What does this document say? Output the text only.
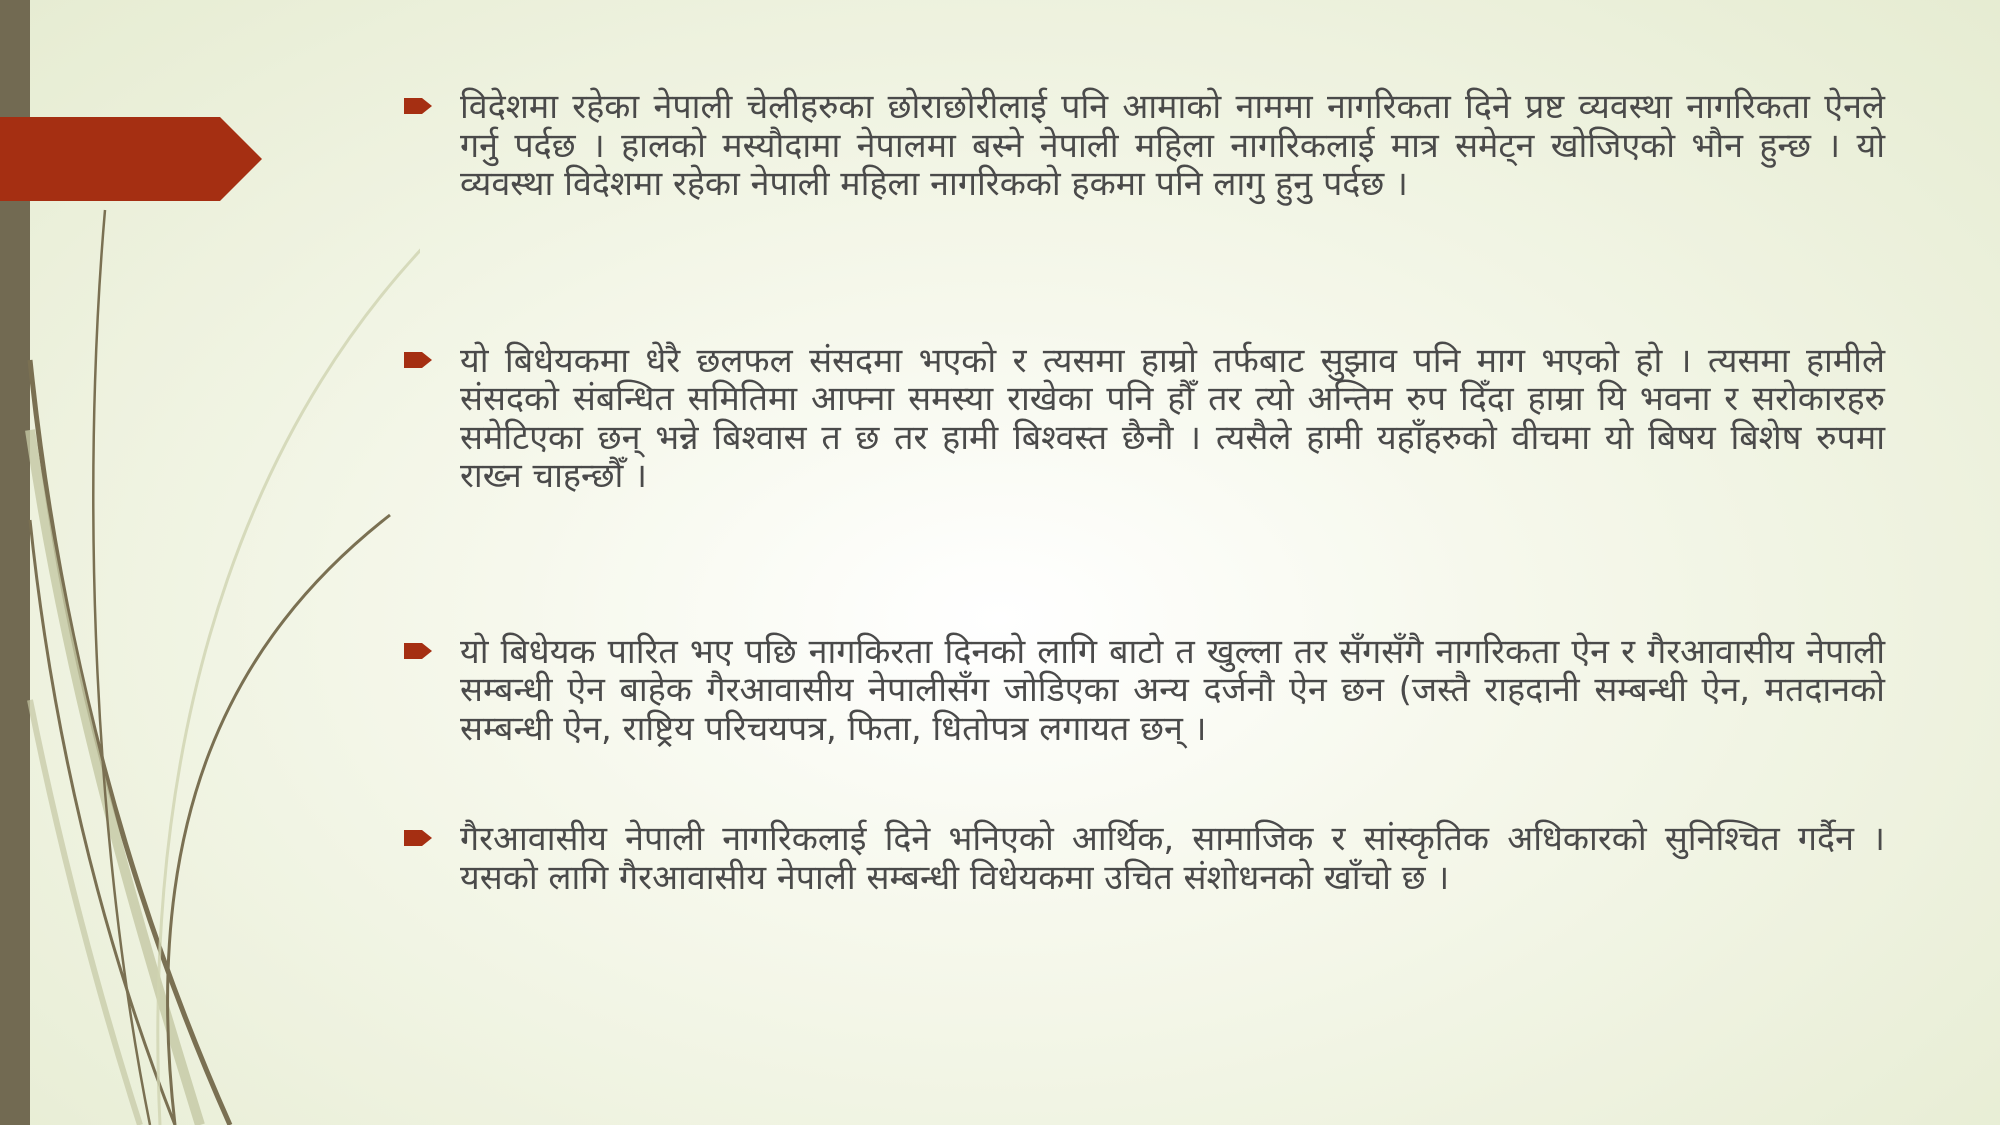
विदेशमा रहेका नेपाली चेलीहरुका छोराछोरीलाई पनि आमाको नाममा नागरिकता दिने प्रष्ट व्यवस्था नागरिकता ऐनले गर्नु पर्दछ । हालको मस्यौदामा नेपालमा बस्ने नेपाली महिला नागरिकलाई मात्र समेट्न खोजिएको भौन हुन्छ । यो व्यवस्था विदेशमा रहेका नेपाली महिला नागरिकको हकमा पनि लागु हुनु पर्दछ ।
यो बिधेयकमा धेरै छलफल संसदमा भएको र त्यसमा हाम्रो तर्फबाट सुझाव पनि माग भएको हो । त्यसमा हामीले संसदको संबन्धित समितिमा आफ्ना समस्या राखेका पनि हौँ तर त्यो अन्तिम रुप दिँदा हाम्रा यि भवना र सरोकारहरु समेटिएका छन् भन्ने बिश्वास त छ तर हामी बिश्वस्त छैनौ । त्यसैले हामी यहाँहरुको वीचमा यो बिषय बिशेष रुपमा राख्न चाहन्छौँ ।
यो बिधेयक पारित भए पछि नागकिरता दिनको लागि बाटो त खुल्ला तर सँगसँगै नागरिकता ऐन र गैरआवासीय नेपाली सम्बन्धी ऐन बाहेक गैरआवासीय नेपालीसँग जोडिएका अन्य दर्जनौ ऐन छन (जस्तै राहदानी सम्बन्धी ऐन, मतदानको सम्बन्धी ऐन, राष्ट्रिय परिचयपत्र, फिता, धितोपत्र लगायत छन् ।
गैरआवासीय नेपाली नागरिकलाई दिने भनिएको आर्थिक, सामाजिक र सांस्कृतिक अधिकारको सुनिश्चित गर्दैन । यसको लागि गैरआवासीय नेपाली सम्बन्धी विधेयकमा उचित संशोधनको खाँचो छ ।
